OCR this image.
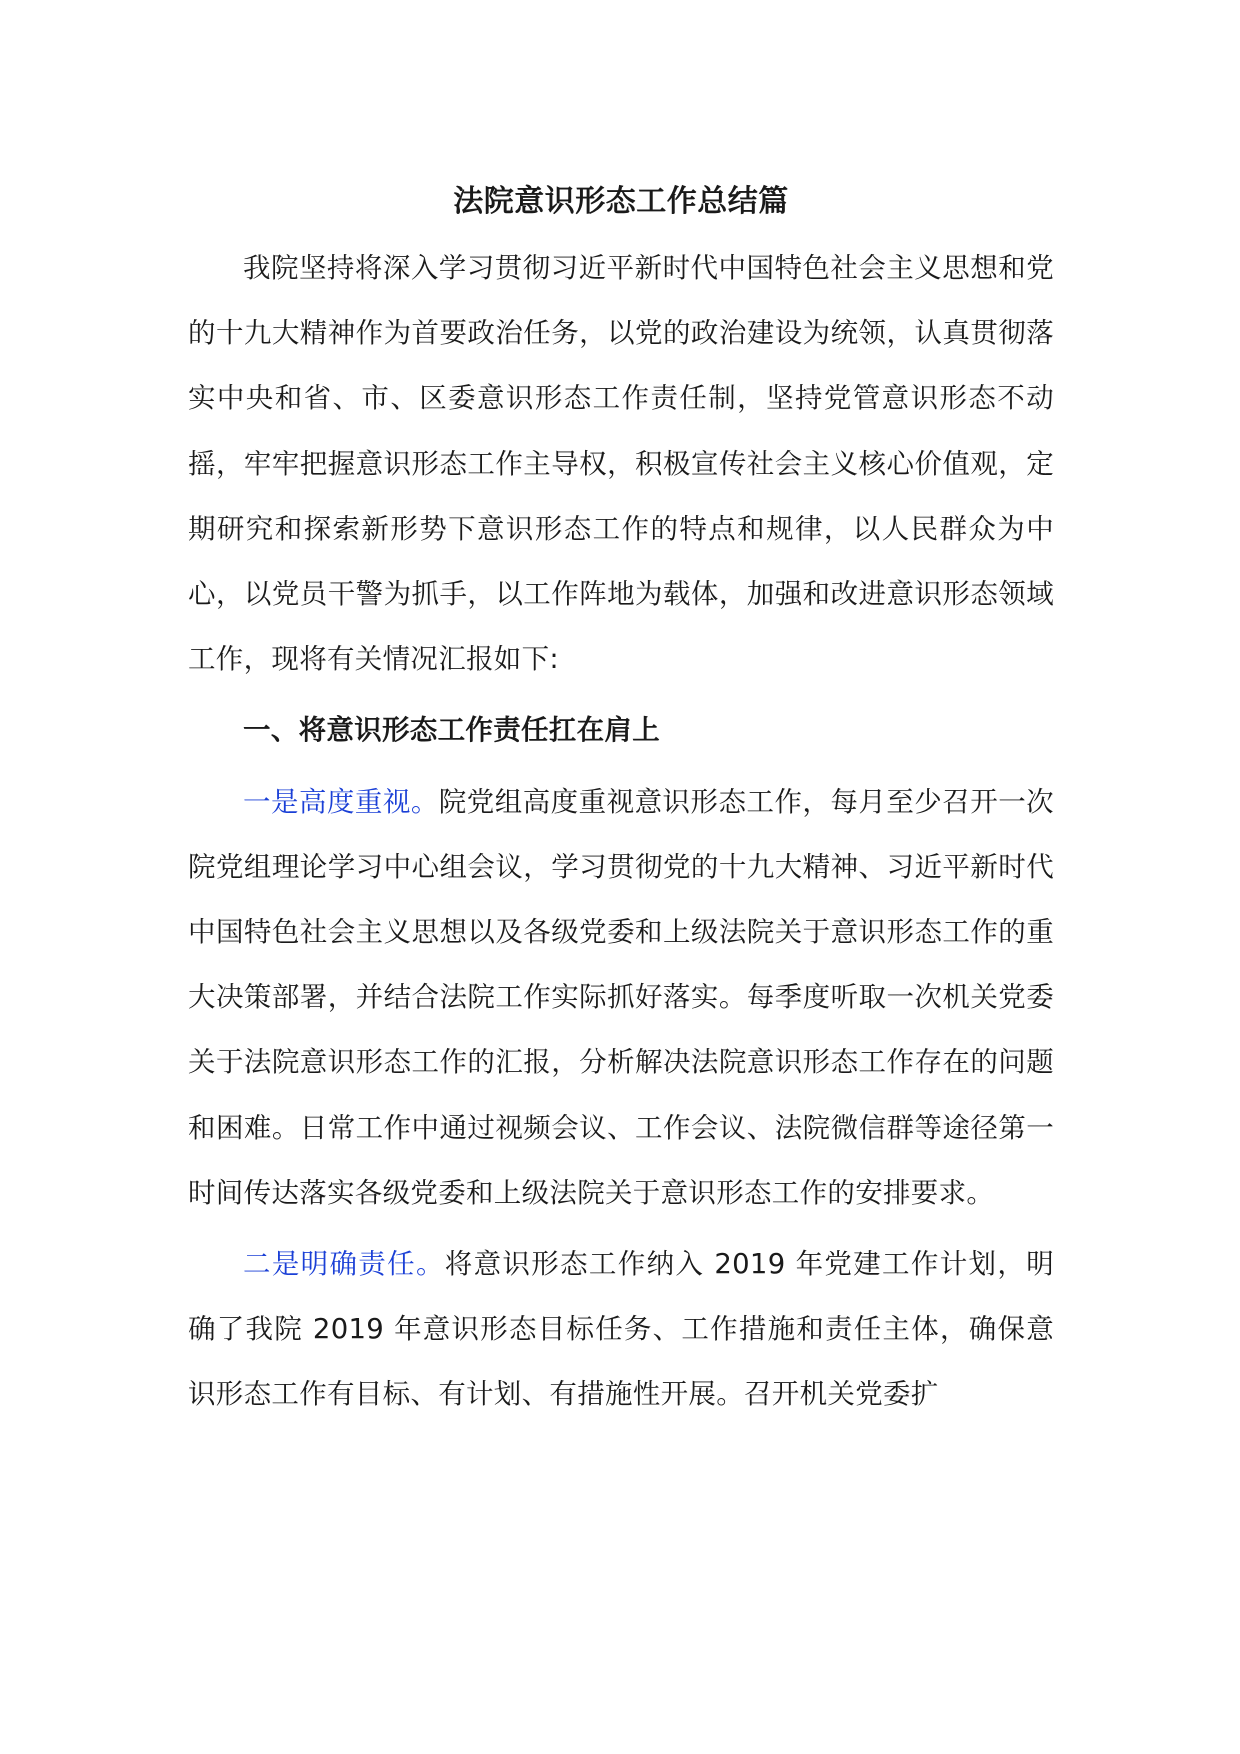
法院意识形态工作总结篇

我院坚持将深入学习贯彻习近平新时代中国特色社会主义思想和党的十九大精神作为首要政治任务，以党的政治建设为统领，认真贯彻落实中央和省、市、区委意识形态工作责任制，坚持党管意识形态不动摇，牢牢把握意识形态工作主导权，积极宣传社会主义核心价值观，定期研究和探索新形势下意识形态工作的特点和规律，以人民群众为中心，以党员干警为抓手，以工作阵地为载体，加强和改进意识形态领域工作，现将有关情况汇报如下:

一、将意识形态工作责任扛在肩上

一是高度重视。院党组高度重视意识形态工作，每月至少召开一次院党组理论学习中心组会议，学习贯彻党的十九大精神、习近平新时代中国特色社会主义思想以及各级党委和上级法院关于意识形态工作的重大决策部署，并结合法院工作实际抓好落实。每季度听取一次机关党委关于法院意识形态工作的汇报，分析解决法院意识形态工作存在的问题和困难。日常工作中通过视频会议、工作会议、法院微信群等途径第一时间传达落实各级党委和上级法院关于意识形态工作的安排要求。

二是明确责任。将意识形态工作纳入 2019 年党建工作计划，明确了我院 2019 年意识形态目标任务、工作措施和责任主体，确保意识形态工作有目标、有计划、有措施性开展。召开机关党委扩
